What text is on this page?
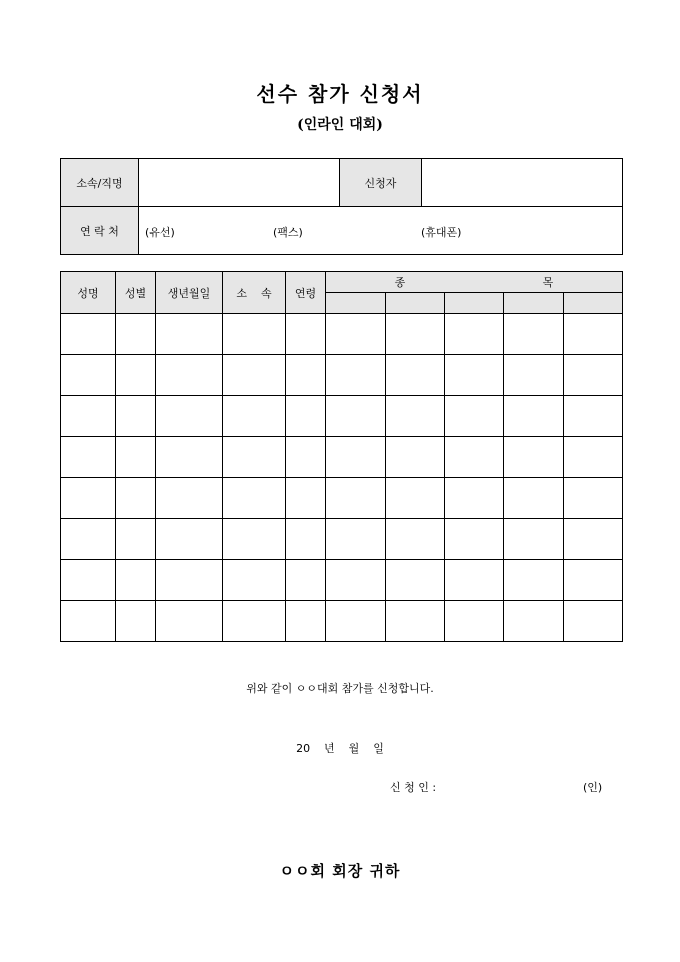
선수 참가 신청서
(인라인 대회)
소속/직명		신청자	
연 락 처	(유선) (팩스) (휴대폰)		
성명	성별	생년월일	소    속	연령	종 목				

위와 같이 ㅇㅇ대회 참가를 신청합니다.
20    년    월    일
신 청 인 :	(인)
ㅇㅇ회 회장 귀하
